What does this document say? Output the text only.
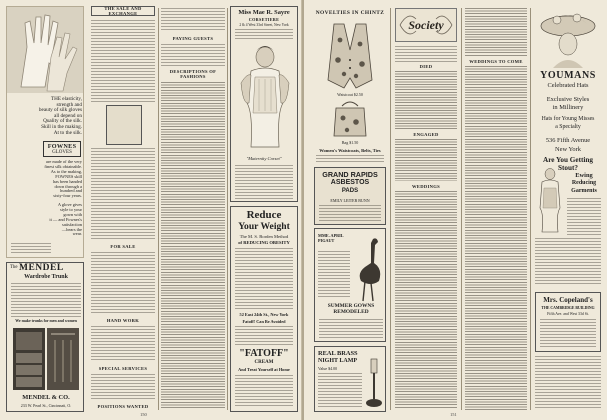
THE elasticity,
strength and
beauty of silk gloves
all depend on
Quality of the silk.
Skill in the making.
At to the silk.
FOWNES
GLOVES
are made of the very
finest silk obtainable.
As to the making,
FOWNES skill
has been handed
down through a
hundred and
sixty-four years.
A glove gives
style to your
gown with
it — and Fownes's
satisfaction
—bears the
wear.
The MENDEL
Wardrobe Trunk
We make trunks for men and women
MENDEL & CO.
233 W. Pearl St., Cincinnati, O.
THE SALE AND EXCHANGE
FOR SALE
HAND WORK
SPECIAL SERVICES
POSITIONS WANTED
PAYING GUESTS
DESCRIPTIONS OF FASHIONS
Miss Mae R. Sayre
CORSETIERE
2 & 4 West 33rd Street, New York
"Maternity Corset"
Reduce
Your Weight
The M. S. Borden Method
of REDUCING OBESITY
52 East 24th St., New York
Fatoff! Can Be Avoided
"FATOFF"
CREAM
And Treat Yourself at Home
150
NOVELTIES IN CHINTZ
Waistcoat $2.50
Bag $1.50
Women's Waistcoats, Belts, Ties
GRAND RAPIDS
ASBESTOS
PADS
EMILY LEITER BUNN
MME. APRIL PIGAUT
SUMMER GOWNS REMODELED
REAL BRASS
NIGHT LAMP
Value $4.00
Society
DIED
ENGAGED
WEDDINGS
WEDDINGS TO COME
YOUMANS
Celebrated Hats
Exclusive Styles
in Millinery
Hats for Young Misses
a Specialty
536 Fifth Avenue
New York
Are You Getting Stout?
Ewing
Reducing
Garments
Mrs. Copeland's
THE CAMBRIDGE BUILDING
Fifth Ave. and West 33d St.
151
